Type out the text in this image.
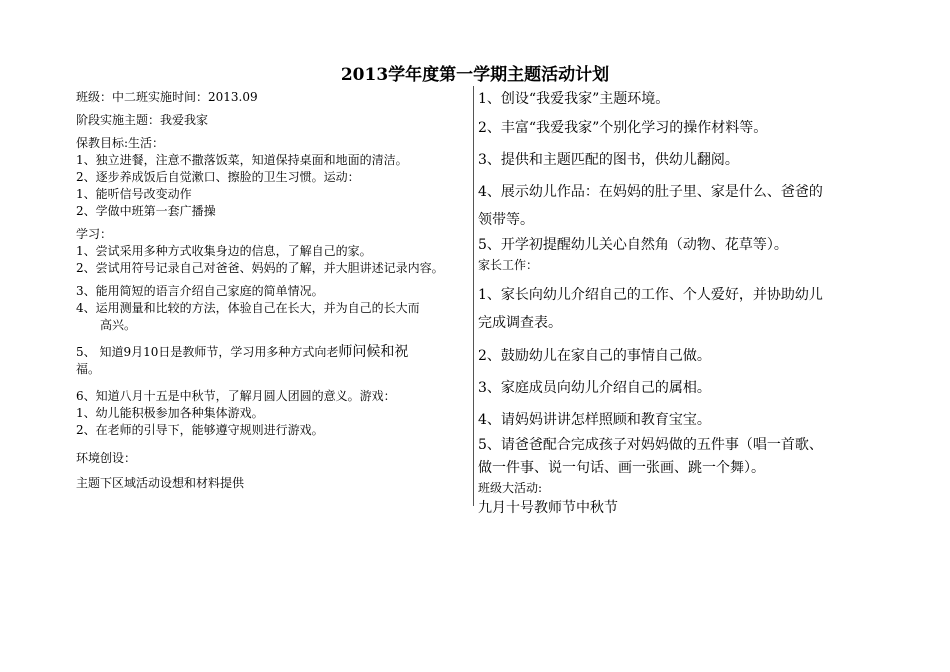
2013学年度第一学期主题活动计划
班级：中二班实施时间：2013.09
阶段实施主题：我爱我家
保教目标:生活：
1、独立进餐，注意不撒落饭菜，知道保持桌面和地面的清洁。
2、逐步养成饭后自觉漱口、擦脸的卫生习惯。运动：
1、能听信号改变动作
2、学做中班第一套广播操
学习：
1、尝试采用多种方式收集身边的信息，了解自己的家。
2、尝试用符号记录自己对爸爸、妈妈的了解，并大胆讲述记录内容。
3、能用简短的语言介绍自己家庭的简单情况。
4、运用测量和比较的方法，体验自己在长大，并为自己的长大而
高兴。
5、 知道9月10日是教师节，学习用多种方式向老师问候和祝
福。
6、知道八月十五是中秋节，了解月圆人团圆的意义。游戏：
1、幼儿能积极参加各种集体游戏。
2、在老师的引导下，能够遵守规则进行游戏。
环境创设：
主题下区域活动设想和材料提供
1、创设“我爱我家”主题环境。
2、丰富“我爱我家”个别化学习的操作材料等。
3、提供和主题匹配的图书，供幼儿翻阅。
4、展示幼儿作品：在妈妈的肚子里、家是什么、爸爸的
领带等。
5、开学初提醒幼儿关心自然角（动物、花草等）。
家长工作：
1、家长向幼儿介绍自己的工作、个人爱好，并协助幼儿
完成调查表。
2、鼓励幼儿在家自己的事情自己做。
3、家庭成员向幼儿介绍自己的属相。
4、请妈妈讲讲怎样照顾和教育宝宝。
5、请爸爸配合完成孩子对妈妈做的五件事（唱一首歌、
做一件事、说一句话、画一张画、跳一个舞）。
班级大活动:
九月十号教师节中秋节
